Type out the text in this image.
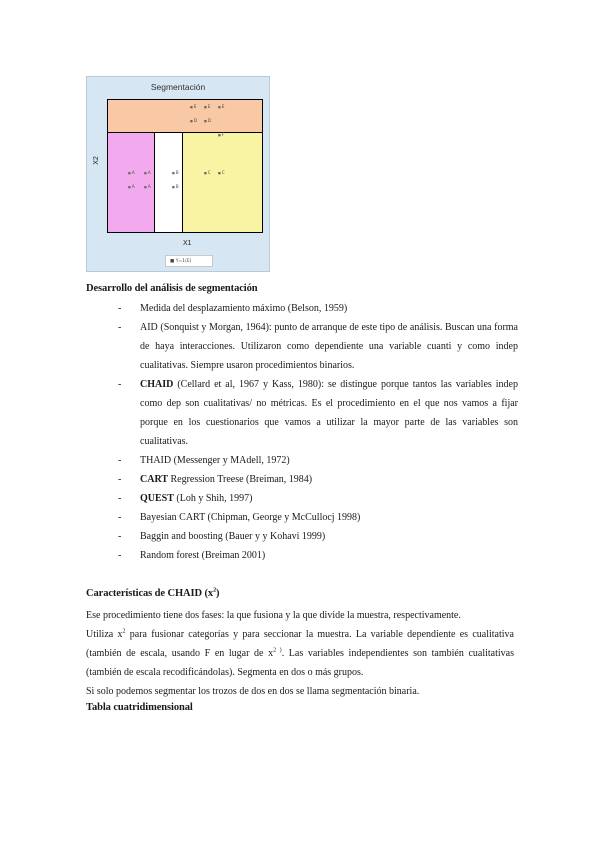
Segmentación
■ E	■ E	■ E
■ D	■ D
■ F
■ A	■ A
■ A	■ A
■ B
■ B
■ C	■ C
X2
X1
■ Y=1(E)
Desarrollo del análisis de segmentación
- Medida del desplazamiento máximo (Belson, 1959)
- AID (Sonquist y Morgan, 1964): punto de arranque de este tipo de análisis. Buscan una forma de haya interacciones. Utilizaron como dependiente una variable cuanti y como indep cualitativas. Siempre usaron procedimientos binarios.
- CHAID (Cellard et al, 1967 y Kass, 1980): se distingue porque tantos las variables indep como dep son cualitativas/ no métricas. Es el procedimiento en el que nos vamos a fijar porque en los cuestionarios que vamos a utilizar la mayor parte de las variables son cualitativas.
- THAID (Messenger y MAdell, 1972)
- CART Regression Treese (Breiman, 1984)
- QUEST (Loh y Shih, 1997)
- Bayesian CART (Chipman, George y McCullocj 1998)
- Baggin and boosting (Bauer y y Kohavi 1999)
- Random forest (Breiman 2001)
Características de CHAID $(x^2)$

Ese procedimiento tiene dos fases: la que fusiona y la que divide la muestra, respectivamente.

Utiliza $x^2$ para fusionar categorías y para seccionar la muestra. La variable dependiente es cualitativa (también de escala, usando F en lugar de $x^{2 )}$. Las variables independientes son también cualitativas (también de escala recodificándolas). Segmenta en dos o más grupos.

Si solo podemos segmentar los trozos de dos en dos se llama segmentación binaria.

Tabla cuatridimensional
